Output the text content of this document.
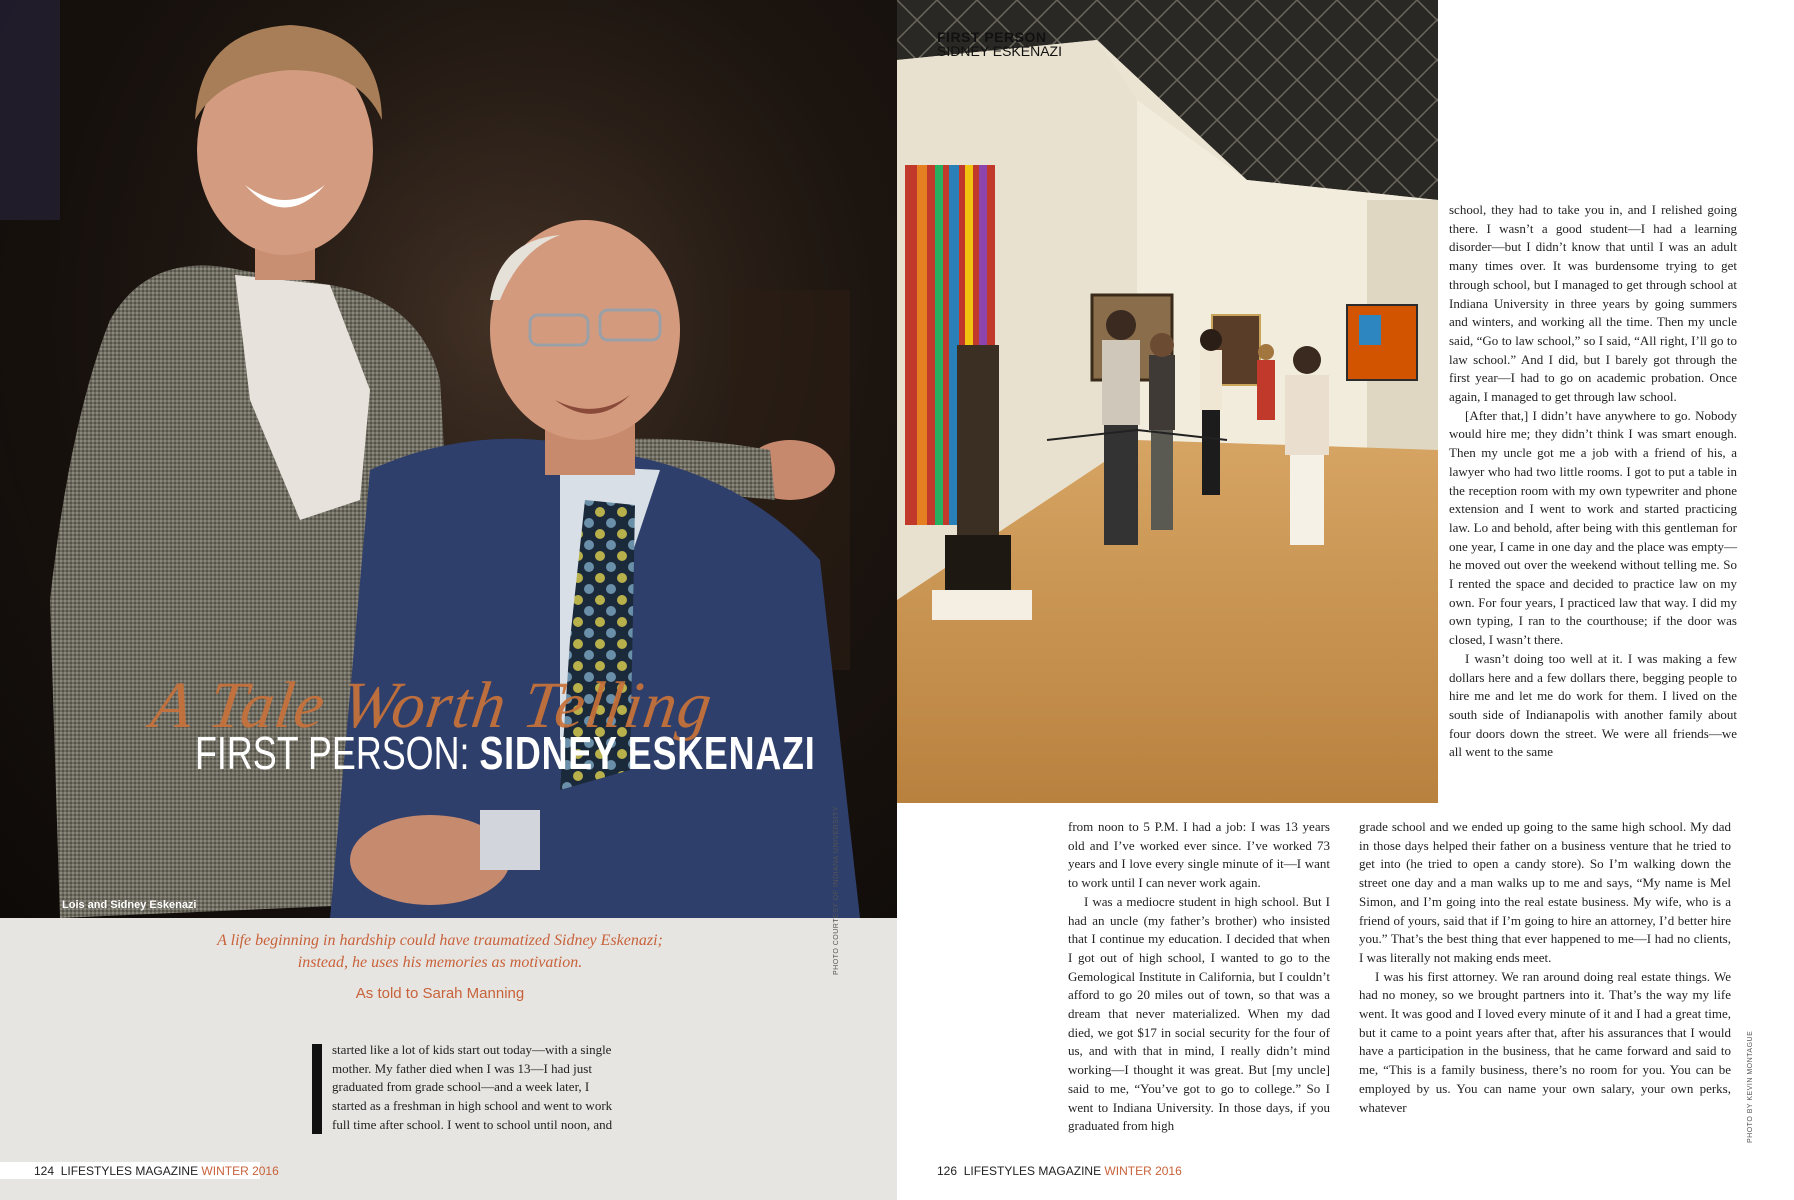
A Tale Worth Telling
FIRST PERSON: SIDNEY ESKENAZI
Lois and Sidney Eskenazi
A life beginning in hardship could have traumatized Sidney Eskenazi;
instead, he uses his memories as motivation.
As told to Sarah Manning
PHOTO COURTESY OF INDIANA UNIVERSITY
started like a lot of kids start out today—with a single
mother. My father died when I was 13—I had just
graduated from grade school—and a week later, I
started as a freshman in high school and went to work
full time after school. I went to school until noon, and
124 LIFESTYLES MAGAZINE WINTER 2016
FIRST PERSON
SIDNEY ESKENAZI

school, they had to take you in, and I relished going there. I wasn’t a good student—I had a learning disorder—but I didn’t know that until I was an adult many times over. It was burdensome trying to get through school, but I managed to get through school at Indiana University in three years by going summers and winters, and working all the time. Then my uncle said, “Go to law school,” so I said, “All right, I’ll go to law school.” And I did, but I barely got through the first year—I had to go on academic probation. Once again, I managed to get through law school.

[After that,] I didn’t have anywhere to go. Nobody would hire me; they didn’t think I was smart enough. Then my uncle got me a job with a friend of his, a lawyer who had two little rooms. I got to put a table in the reception room with my own typewriter and phone extension and I went to work and started practicing law. Lo and behold, after being with this gentleman for one year, I came in one day and the place was empty—he moved out over the weekend without telling me. So I rented the space and decided to practice law on my own. For four years, I practiced law that way. I did my own typing, I ran to the courthouse; if the door was closed, I wasn’t there.

I wasn’t doing too well at it. I was making a few dollars here and a few dollars there, begging people to hire me and let me do work for them. I lived on the south side of Indianapolis with another family about four doors down the street. We were all friends—we all went to the same

from noon to 5 P.M. I had a job: I was 13 years old and I’ve worked ever since. I’ve worked 73 years and I love every single minute of it—I want to work until I can never work again.

I was a mediocre student in high school. But I had an uncle (my father’s brother) who insisted that I continue my education. I decided that when I got out of high school, I wanted to go to the Gemological Institute in California, but I couldn’t afford to go 20 miles out of town, so that was a dream that never materialized. When my dad died, we got $17 in social security for the four of us, and with that in mind, I really didn’t mind working—I thought it was great. But [my uncle] said to me, “You’ve got to go to college.” So I went to Indiana University. In those days, if you graduated from high

grade school and we ended up going to the same high school. My dad in those days helped their father on a business venture that he tried to get into (he tried to open a candy store). So I’m walking down the street one day and a man walks up to me and says, “My name is Mel Simon, and I’m going into the real estate business. My wife, who is a friend of yours, said that if I’m going to hire an attorney, I’d better hire you.” That’s the best thing that ever happened to me—I had no clients, I was literally not making ends meet.

I was his first attorney. We ran around doing real estate things. We had no money, so we brought partners into it. That’s the way my life went. It was good and I loved every minute of it and I had a great time, but it came to a point years after that, after his assurances that I would have a participation in the business, that he came forward and said to me, “This is a family business, there’s no room for you. You can be employed by us. You can name your own salary, your own perks, whatever	PHOTO BY KEVIN MONTAGUE
126 LIFESTYLES MAGAZINE WINTER 2016
